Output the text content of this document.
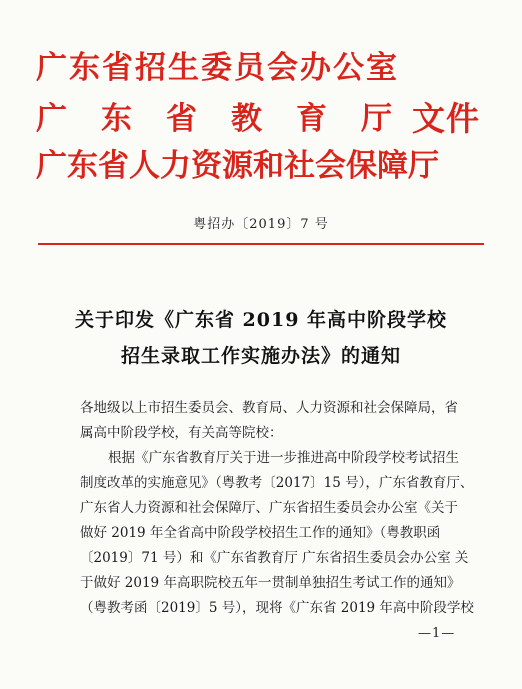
广东省招生委员会办公室
广 东 省 教 育 厅 文件
广东省人力资源和社会保障厅
粤招办〔2019〕7 号
关于印发《广东省 2019 年高中阶段学校
招生录取工作实施办法》的通知
各地级以上市招生委员会、教育局、人力资源和社会保障局，省
属高中阶段学校，有关高等院校：
根据《广东省教育厅关于进一步推进高中阶段学校考试招生
制度改革的实施意见》（粤教考〔2017〕15 号），广东省教育厅、
广东省人力资源和社会保障厅、广东省招生委员会办公室《关于
做好 2019 年全省高中阶段学校招生工作的通知》（粤教职函
〔2019〕71 号）和《广东省教育厅 广东省招生委员会办公室 关
于做好 2019 年高职院校五年一贯制单独招生考试工作的通知》
（粤教考函〔2019〕5 号），现将《广东省 2019 年高中阶段学校
—1—
